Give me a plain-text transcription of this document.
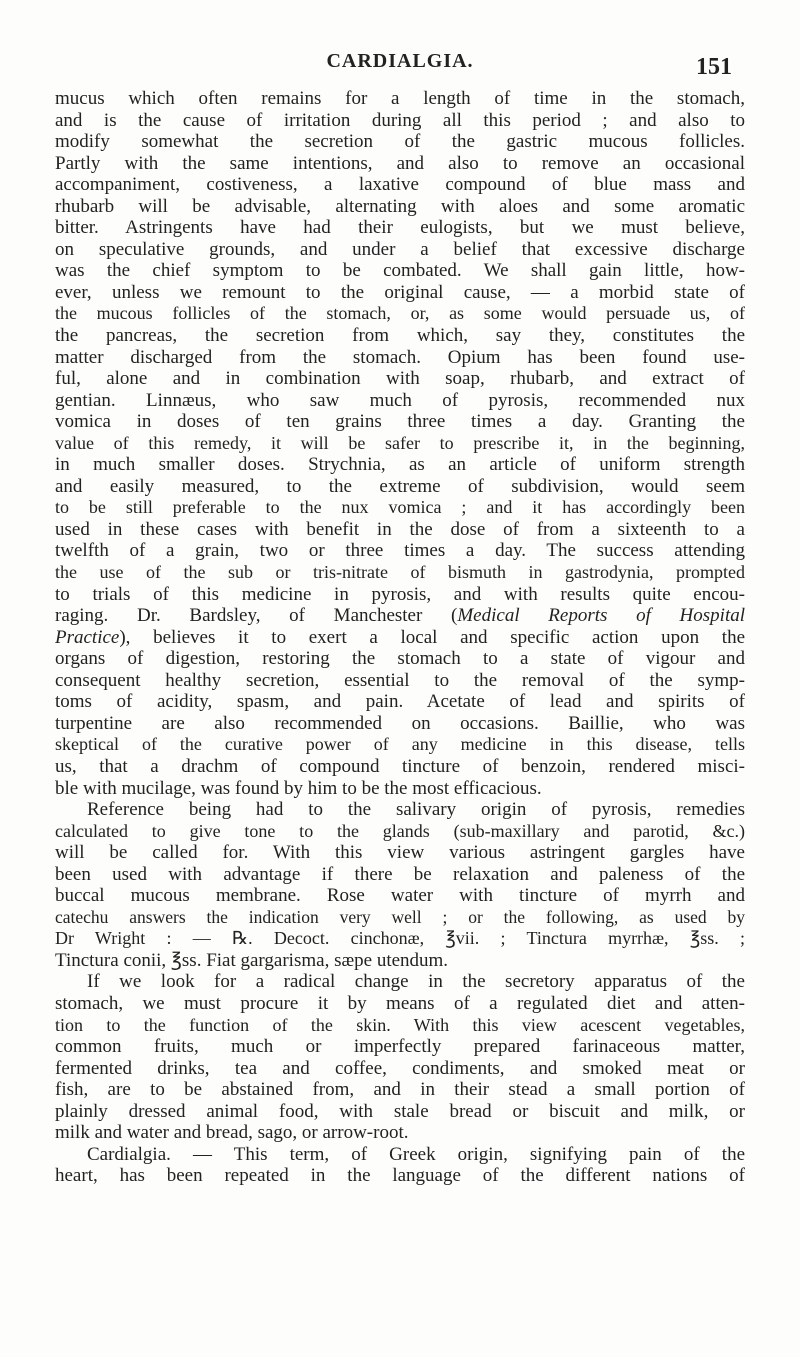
CARDIALGIA.	151
mucus which often remains for a length of time in the stomach,
and is the cause of irritation during all this period ; and also to
modify somewhat the secretion of the gastric mucous follicles.
Partly with the same intentions, and also to remove an occasional
accompaniment, costiveness, a laxative compound of blue mass and
rhubarb will be advisable, alternating with aloes and some aromatic
bitter. Astringents have had their eulogists, but we must believe,
on speculative grounds, and under a belief that excessive discharge
was the chief symptom to be combated. We shall gain little, how-
ever, unless we remount to the original cause, — a morbid state of
the mucous follicles of the stomach, or, as some would persuade us, of
the pancreas, the secretion from which, say they, constitutes the
matter discharged from the stomach. Opium has been found use-
ful, alone and in combination with soap, rhubarb, and extract of
gentian. Linnæus, who saw much of pyrosis, recommended nux
vomica in doses of ten grains three times a day. Granting the
value of this remedy, it will be safer to prescribe it, in the beginning,
in much smaller doses. Strychnia, as an article of uniform strength
and easily measured, to the extreme of subdivision, would seem
to be still preferable to the nux vomica ; and it has accordingly been
used in these cases with benefit in the dose of from a sixteenth to a
twelfth of a grain, two or three times a day. The success attending
the use of the sub or tris-nitrate of bismuth in gastrodynia, prompted
to trials of this medicine in pyrosis, and with results quite encou-
raging. Dr. Bardsley, of Manchester (Medical Reports of Hospital
Practice), believes it to exert a local and specific action upon the
organs of digestion, restoring the stomach to a state of vigour and
consequent healthy secretion, essential to the removal of the symp-
toms of acidity, spasm, and pain. Acetate of lead and spirits of
turpentine are also recommended on occasions. Baillie, who was
skeptical of the curative power of any medicine in this disease, tells
us, that a drachm of compound tincture of benzoin, rendered misci-
ble with mucilage, was found by him to be the most efficacious.
Reference being had to the salivary origin of pyrosis, remedies
calculated to give tone to the glands (sub-maxillary and parotid, &c.)
will be called for. With this view various astringent gargles have
been used with advantage if there be relaxation and paleness of the
buccal mucous membrane. Rose water with tincture of myrrh and
catechu answers the indication very well ; or the following, as used by
Dr Wright : — ℞. Decoct. cinchonæ, ℥vii. ; Tinctura myrrhæ, ℥ss. ;
Tinctura conii, ℥ss. Fiat gargarisma, sæpe utendum.
If we look for a radical change in the secretory apparatus of the
stomach, we must procure it by means of a regulated diet and atten-
tion to the function of the skin. With this view acescent vegetables,
common fruits, much or imperfectly prepared farinaceous matter,
fermented drinks, tea and coffee, condiments, and smoked meat or
fish, are to be abstained from, and in their stead a small portion of
plainly dressed animal food, with stale bread or biscuit and milk, or
milk and water and bread, sago, or arrow-root.
Cardialgia. — This term, of Greek origin, signifying pain of the
heart, has been repeated in the language of the different nations of
